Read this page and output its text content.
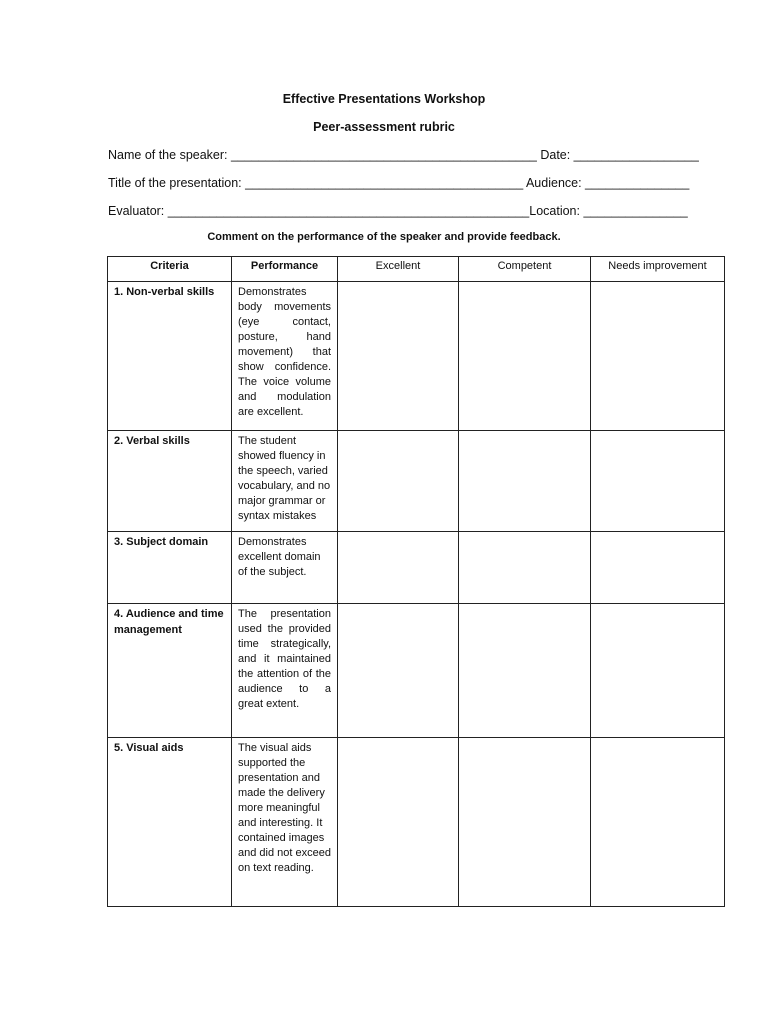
Effective Presentations Workshop
Peer-assessment rubric

Name of the speaker: ____________________________________________ Date: __________________

Title of the presentation: ________________________________________ Audience: _______________

Evaluator: ____________________________________________________Location: _______________

Comment on the performance of the speaker and provide feedback.

Criteria	Performance	Excellent	Competent	Needs improvement

1. Non-verbal skills	Demonstrates body movements (eye contact, posture, hand movement) that show confidence. The voice volume and modulation are excellent.			

2. Verbal skills	The student showed fluency in the speech, varied vocabulary, and no major grammar or syntax mistakes			

3. Subject domain	Demonstrates excellent domain of the subject.			

4. Audience and time management	The presentation used the provided time strategically, and it maintained the attention of the audience to a great extent.			

5. Visual aids	The visual aids supported the presentation and made the delivery more meaningful and interesting. It contained images and did not exceed on text reading.			
